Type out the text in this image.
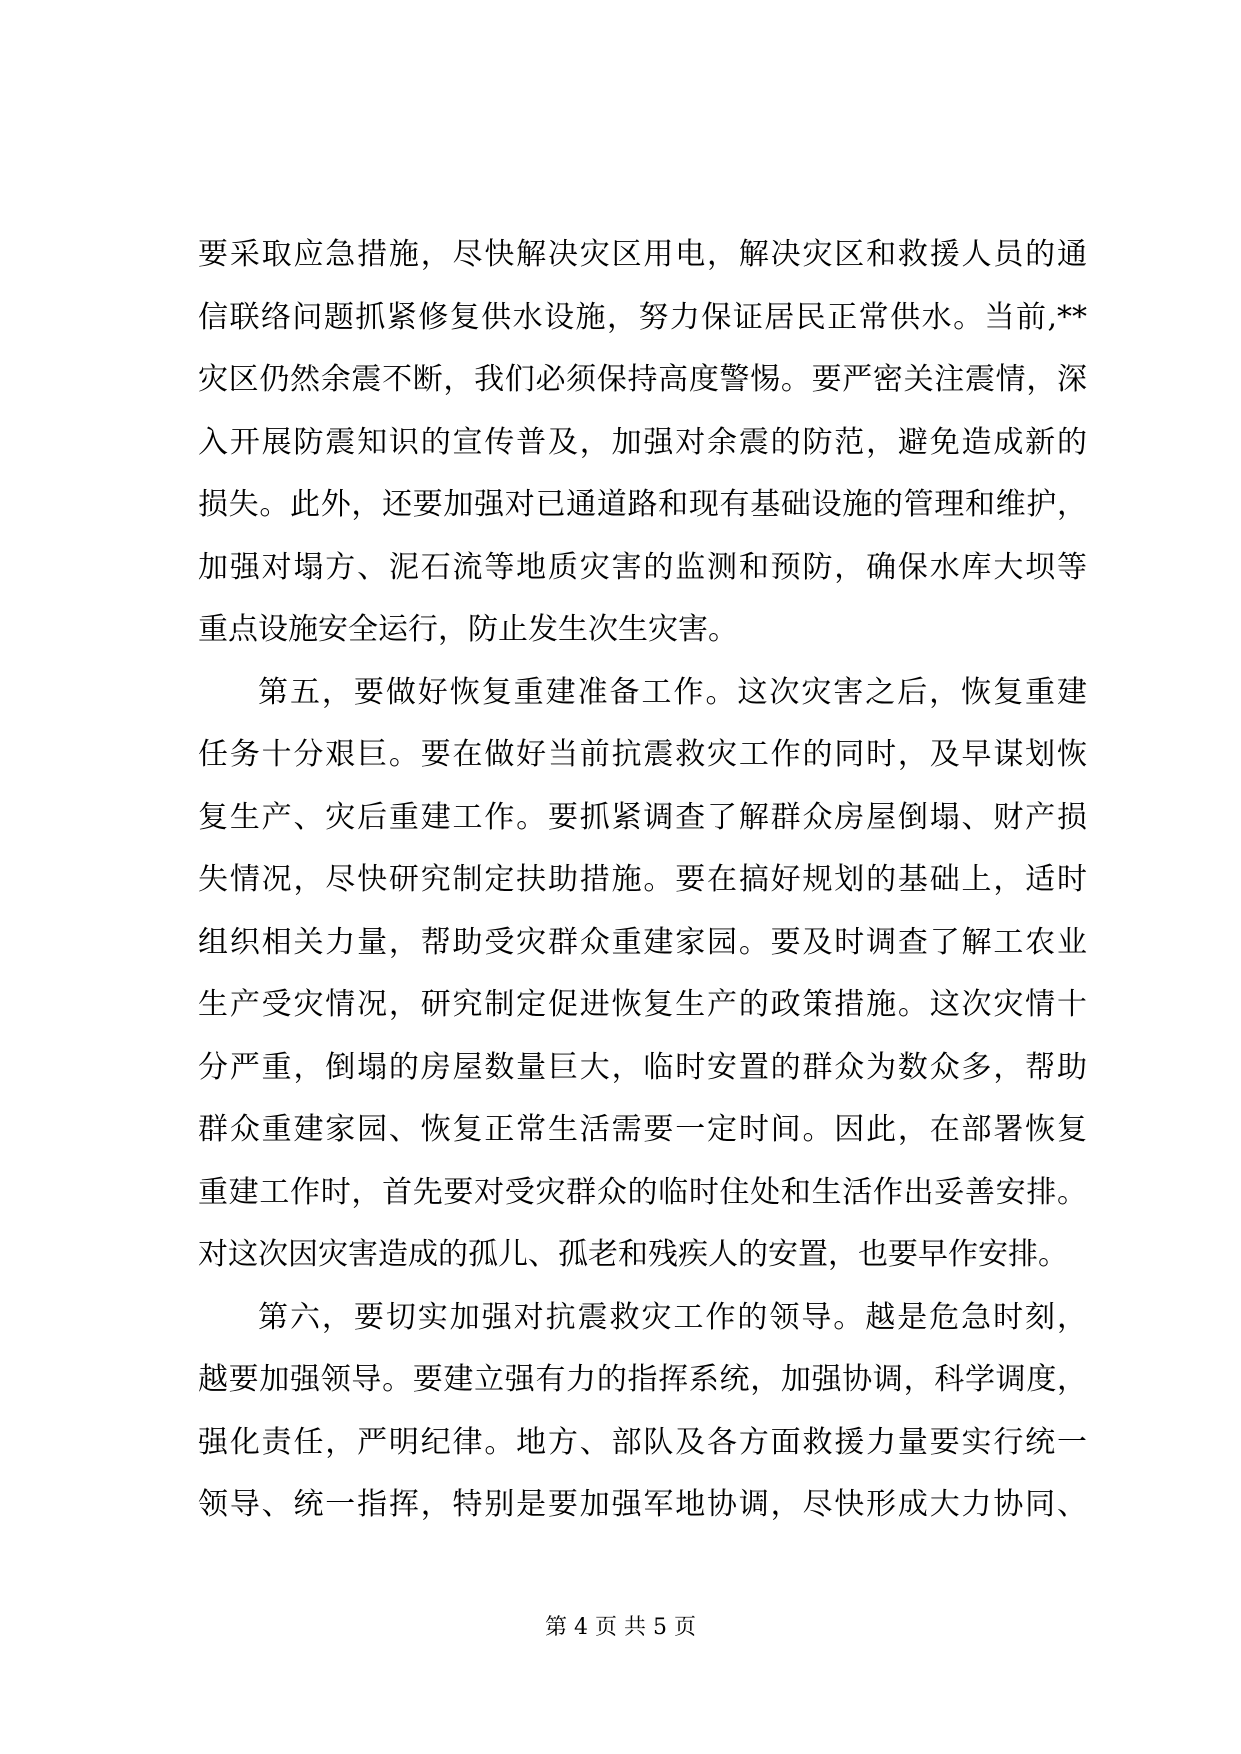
要采取应急措施，尽快解决灾区用电，解决灾区和救援人员的通
信联络问题抓紧修复供水设施，努力保证居民正常供水。当前,**
灾区仍然余震不断，我们必须保持高度警惕。要严密关注震情，深
入开展防震知识的宣传普及，加强对余震的防范，避免造成新的
损失。此外，还要加强对已通道路和现有基础设施的管理和维护，
加强对塌方、泥石流等地质灾害的监测和预防，确保水库大坝等
重点设施安全运行，防止发生次生灾害。
第五，要做好恢复重建准备工作。这次灾害之后，恢复重建
任务十分艰巨。要在做好当前抗震救灾工作的同时，及早谋划恢
复生产、灾后重建工作。要抓紧调查了解群众房屋倒塌、财产损
失情况，尽快研究制定扶助措施。要在搞好规划的基础上，适时
组织相关力量，帮助受灾群众重建家园。要及时调查了解工农业
生产受灾情况，研究制定促进恢复生产的政策措施。这次灾情十
分严重，倒塌的房屋数量巨大，临时安置的群众为数众多，帮助
群众重建家园、恢复正常生活需要一定时间。因此，在部署恢复
重建工作时，首先要对受灾群众的临时住处和生活作出妥善安排。
对这次因灾害造成的孤儿、孤老和残疾人的安置，也要早作安排。
第六，要切实加强对抗震救灾工作的领导。越是危急时刻，
越要加强领导。要建立强有力的指挥系统，加强协调，科学调度，
强化责任，严明纪律。地方、部队及各方面救援力量要实行统一
领导、统一指挥，特别是要加强军地协调，尽快形成大力协同、
第 4 页 共 5 页
